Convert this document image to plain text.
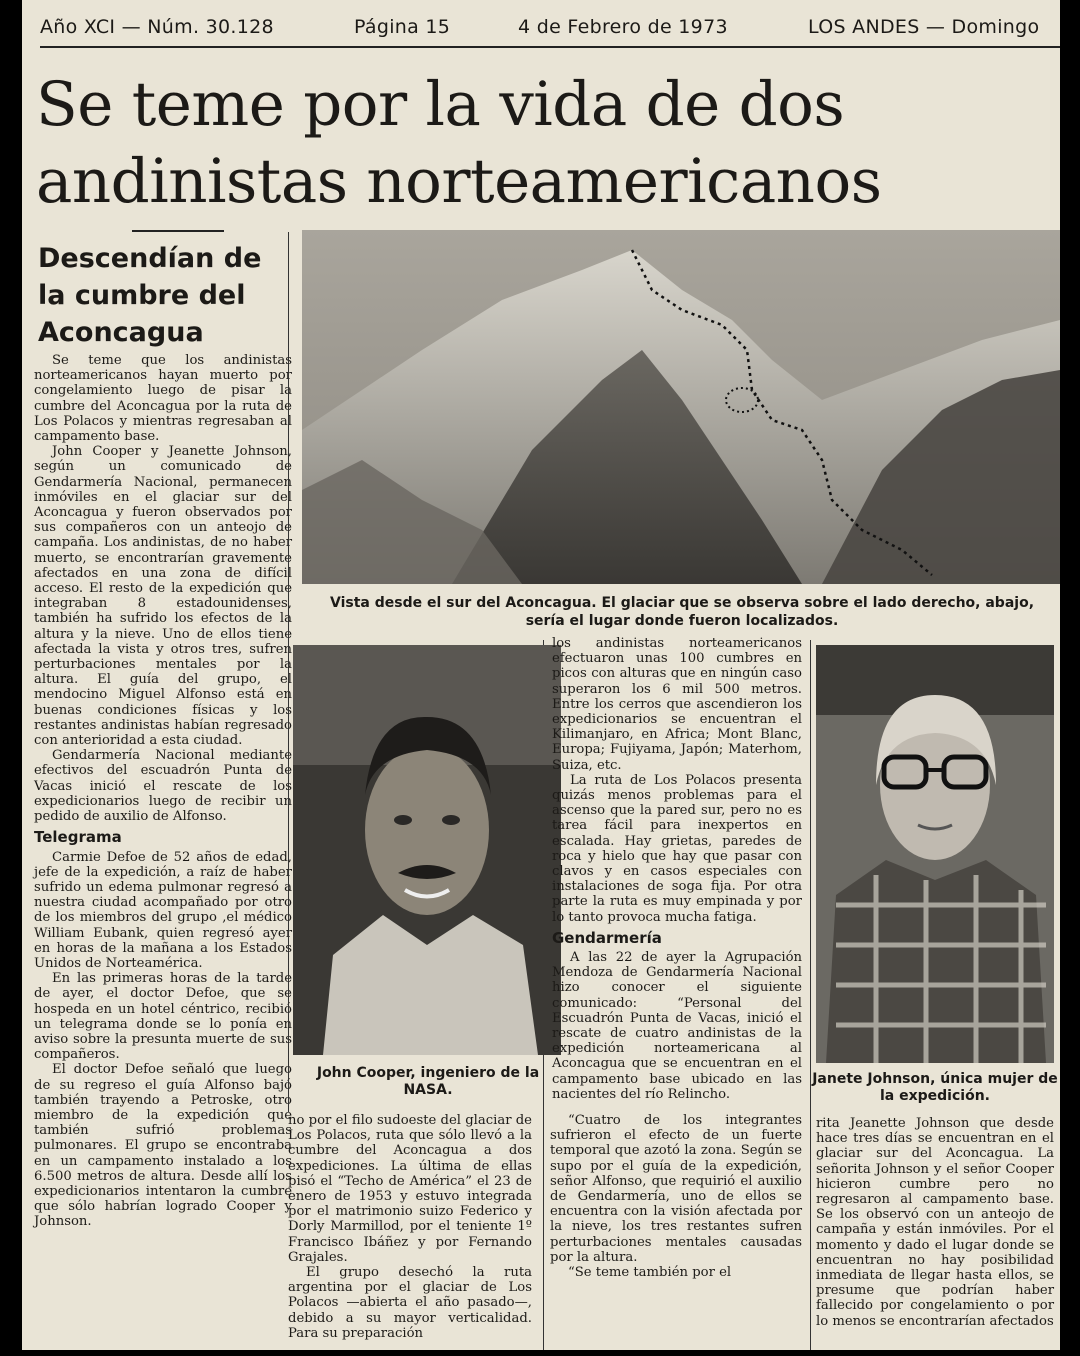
Año XCI — Núm. 30.128	Página 15	4 de Febrero de 1973	LOS ANDES — Domingo
Se teme por la vida de dos
andinistas norteamericanos
Descendían de
la cumbre del
Aconcagua

Se teme que los andinistas norteamericanos hayan muerto por congelamiento luego de pisar la cumbre del Aconcagua por la ruta de Los Polacos y mientras regresaban al campamento base.

John Cooper y Jeanette Johnson, según un comunicado de Gendarmería Nacional, permanecen inmóviles en el glaciar sur del Aconcagua y fueron observados por sus compañeros con un anteojo de campaña. Los andinistas, de no haber muerto, se encontrarían gravemente afectados en una zona de difícil acceso. El resto de la expedición que integraban 8 estadounidenses, también ha sufrido los efectos de la altura y la nieve. Uno de ellos tiene afectada la vista y otros tres, sufren perturbaciones mentales por la altura. El guía del grupo, el mendocino Miguel Alfonso está en buenas condiciones físicas y los restantes andinistas habían regresado con anterioridad a esta ciudad.

Gendarmería Nacional mediante efectivos del escuadrón Punta de Vacas inició el rescate de los expedicionarios luego de recibir un pedido de auxilio de Alfonso.

Telegrama

Carmie Defoe de 52 años de edad, jefe de la expedición, a raíz de haber sufrido un edema pulmonar regresó a nuestra ciudad acompañado por otro de los miembros del grupo ,el médico William Eubank, quien regresó ayer en horas de la mañana a los Estados Unidos de Norteamérica.

En las primeras horas de la tarde de ayer, el doctor Defoe, que se hospeda en un hotel céntrico, recibió un telegrama donde se lo ponía en aviso sobre la presunta muerte de sus compañeros.

El doctor Defoe señaló que luego de su regreso el guía Alfonso bajó también trayendo a Petroske, otro miembro de la expedición que también sufrió problemas pulmonares. El grupo se encontraba en un campamento instalado a los 6.500 metros de altura. Desde allí los expedicionarios intentaron la cumbre que sólo habrían logrado Cooper y Johnson.

Vista desde el sur del Aconcagua. El glaciar que se observa sobre el lado derecho, abajo, sería el lugar donde fueron localizados.
John Cooper, ingeniero de la NASA.

los andinistas norteamericanos efectuaron unas 100 cumbres en picos con alturas que en ningún caso superaron los 6 mil 500 metros. Entre los cerros que ascendieron los expedicionarios se encuentran el Kilimanjaro, en Africa; Mont Blanc, Europa; Fujiyama, Japón; Materhom, Suiza, etc.

La ruta de Los Polacos presenta quizás menos problemas para el ascenso que la pared sur, pero no es tarea fácil para inexpertos en escalada. Hay grietas, paredes de roca y hielo que hay que pasar con clavos y en casos especiales con instalaciones de soga fija. Por otra parte la ruta es muy empinada y por lo tanto provoca mucha fatiga.

Gendarmería

A las 22 de ayer la Agrupación Mendoza de Gendarmería Nacional hizo conocer el siguiente comunicado: “Personal del Escuadrón Punta de Vacas, inició el rescate de cuatro andinistas de la expedición norteamericana al Aconcagua que se encuentran en el campamento base ubicado en las nacientes del río Relincho.

Janete Johnson, única mujer de la expedición.

no por el filo sudoeste del glaciar de Los Polacos, ruta que sólo llevó a la cumbre del Aconcagua a dos expediciones. La última de ellas pisó el “Techo de América” el 23 de enero de 1953 y estuvo integrada por el matrimonio suizo Federico y Dorly Marmillod, por el teniente 1º Francisco Ibáñez y por Fernando Grajales.

El grupo desechó la ruta argentina por el glaciar de Los Polacos —abierta el año pasado—, debido a su mayor verticalidad. Para su preparación

“Cuatro de los integrantes sufrieron el efecto de un fuerte temporal que azotó la zona. Según se supo por el guía de la expedición, señor Alfonso, que requirió el auxilio de Gendarmería, uno de ellos se encuentra con la visión afectada por la nieve, los tres restantes sufren perturbaciones mentales causadas por la altura.

“Se teme también por el

rita Jeanette Johnson que desde hace tres días se encuentran en el glaciar sur del Aconcagua. La señorita Johnson y el señor Cooper hicieron cumbre pero no regresaron al campamento base. Se los observó con un anteojo de campaña y están inmóviles. Por el momento y dado el lugar donde se encuentran no hay posibilidad inmediata de llegar hasta ellos, se presume que podrían haber fallecido por congelamiento o por lo menos se encontrarían afectados
